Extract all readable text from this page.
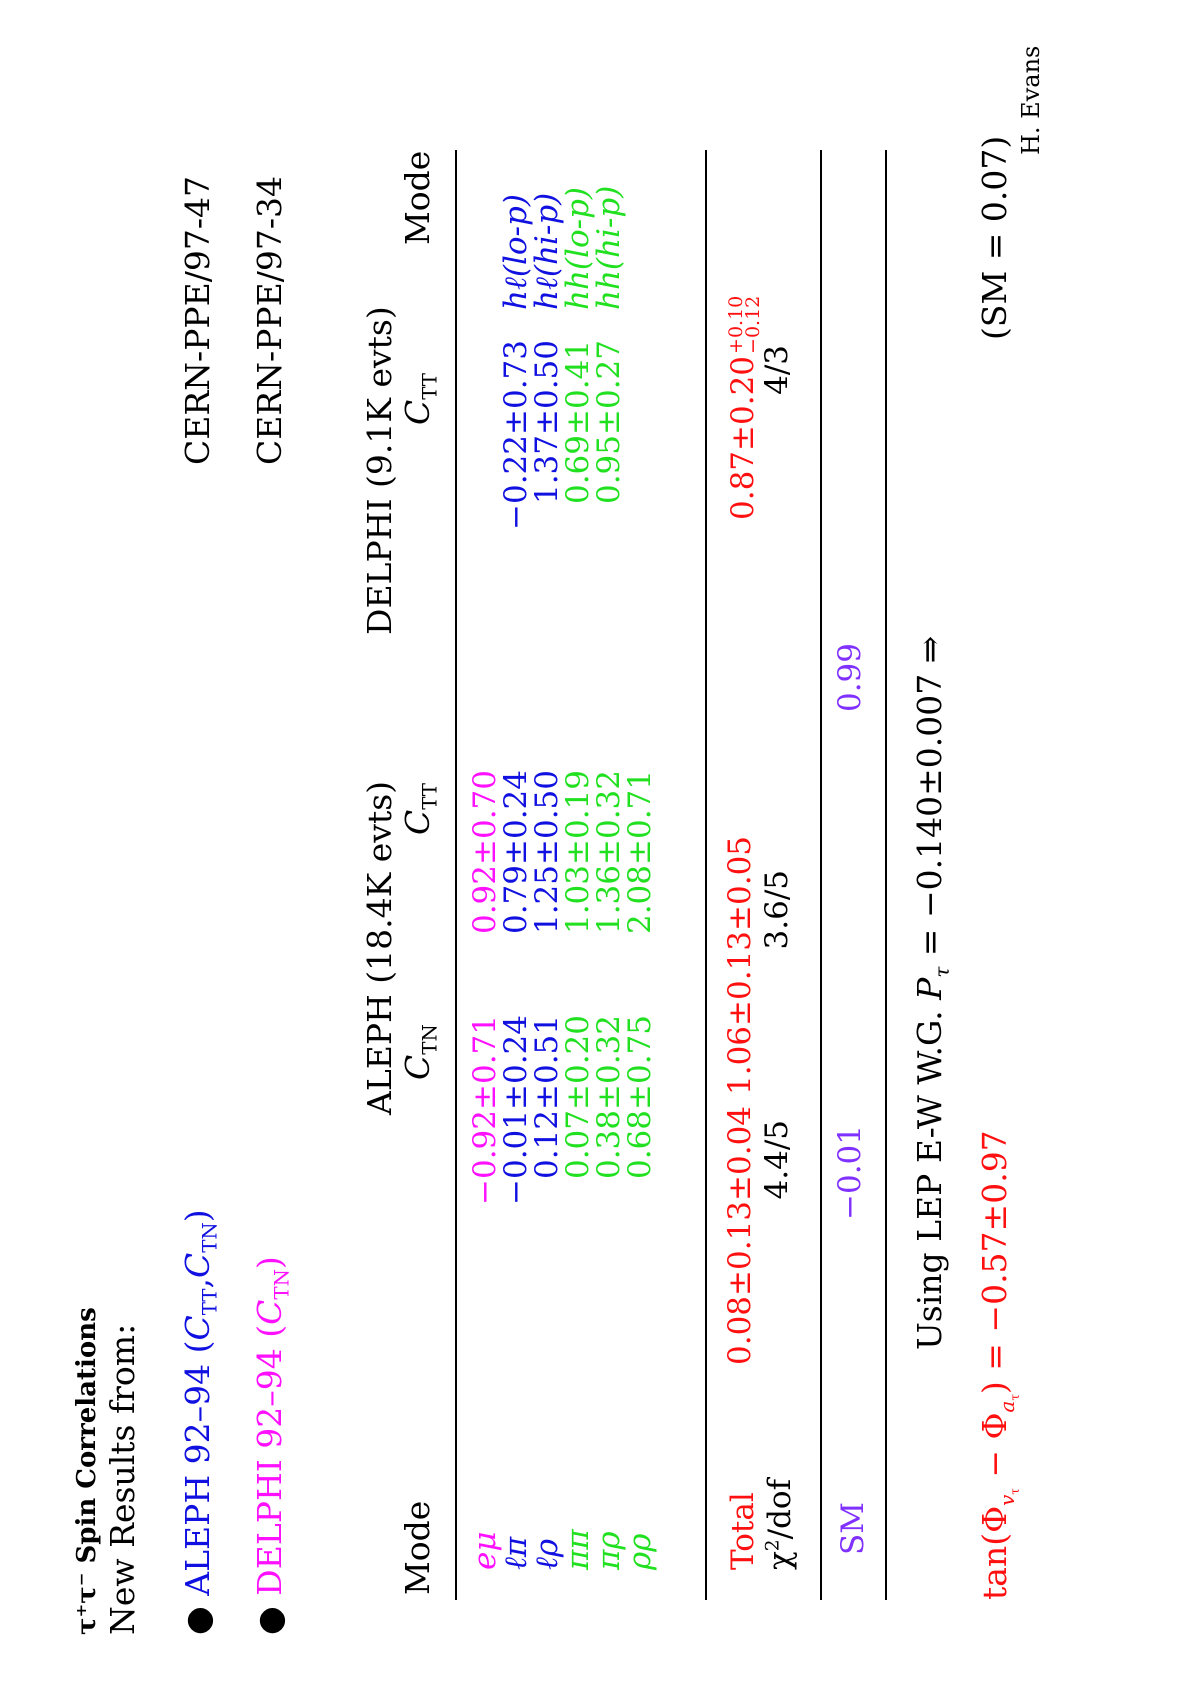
τ⁺τ⁻ Spin Correlations New Results from: ● ALEPH 92–94 $(C_{TT},C_{TN})$
CERN-PPE/97-47
● DELPHI 92–94 $(C_{TN})$
CERN-PPE/97-34
ALEPH (18.4K evts)
DELPHI (9.1K evts)
Mode
$C_{TN}$
$C_{TT}$
$C_{TT}$
Mode
eμ
−0.92±0.71
0.92±0.70
ℓπ
−0.01±0.24
0.79±0.24
ℓρ
0.12±0.51
1.25±0.50
ππ
0.07±0.20
1.03±0.19
πρ
0.38±0.32
1.36±0.32
ρρ
0.68±0.75
2.08±0.71
−0.22±0.73
hℓ(lo-p)
1.37±0.50
hℓ(hi-p)
0.69±0.41
hh(lo-p)
0.95±0.27
hh(hi-p)
Total
0.08±0.13±0.04
1.06±0.13±0.05
0.87±0.20
+0.10
−0.12
$\chi^2$/dof
4.4/5
3.6/5
4/3
SM
−0.01
0.99
Using LEP E-W W.G. $P_\tau = -0.140\pm 0.007$ ⇒
$\tan(\Phi_{v_\tau} - \Phi_{a_\tau}) = -0.57\pm 0.97$
(SM = 0.07)
H. Evans
